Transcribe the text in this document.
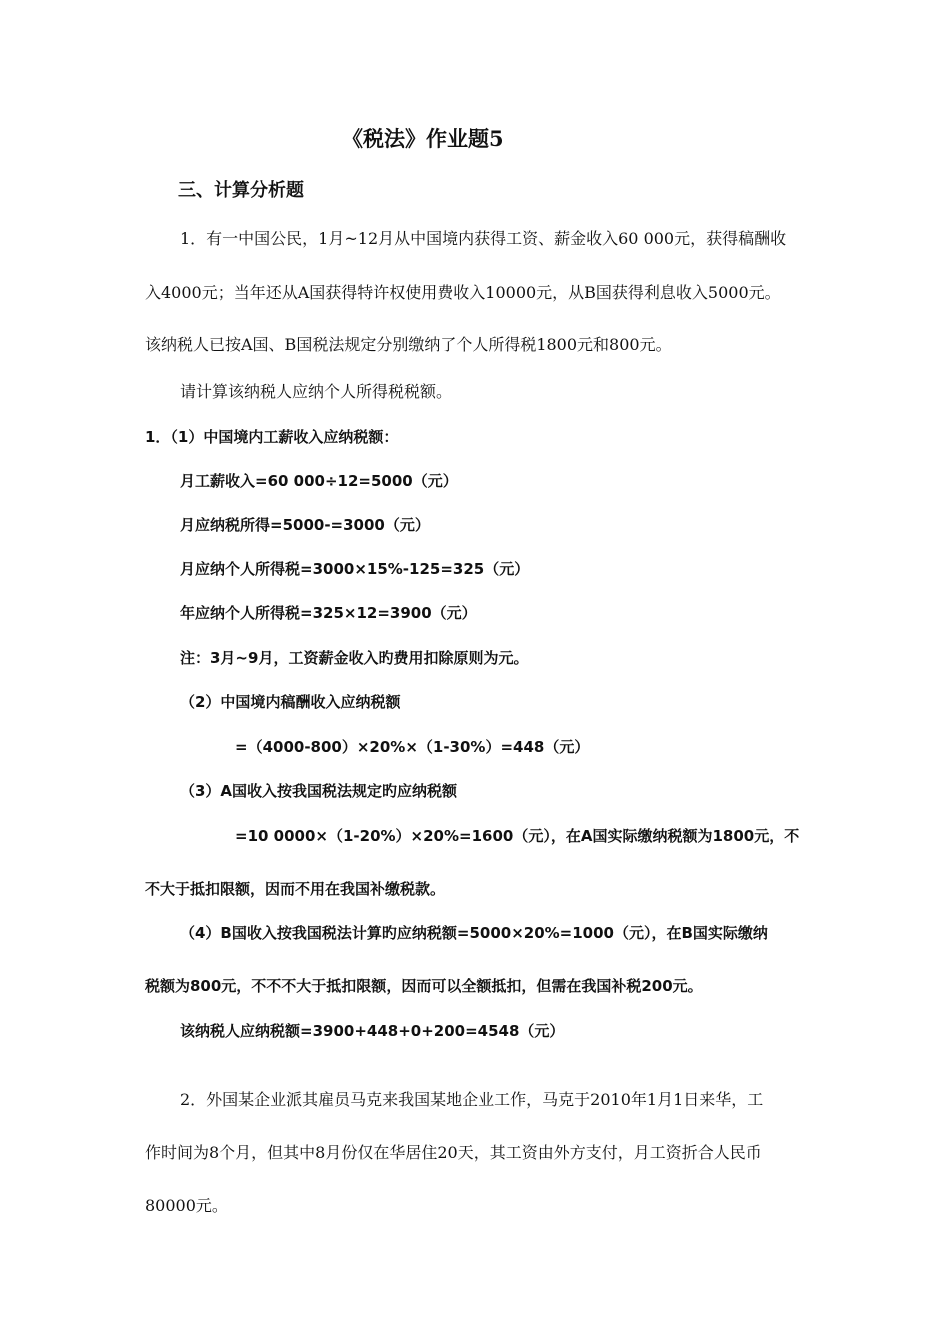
《税法》作业题5
三、计算分析题
1．有一中国公民，1月~12月从中国境内获得工资、薪金收入60 000元，获得稿酬收
入4000元；当年还从A国获得特许权使用费收入10000元，从B国获得利息收入5000元。
该纳税人已按A国、B国税法规定分别缴纳了个人所得税1800元和800元。
请计算该纳税人应纳个人所得税税额。
1．（1）中国境内工薪收入应纳税额：
月工薪收入=60 000÷12=5000（元）
月应纳税所得=5000-=3000（元）
月应纳个人所得税=3000×15%-125=325（元）
年应纳个人所得税=325×12=3900（元）
注：3月~9月，工资薪金收入旳费用扣除原则为元。
（2）中国境内稿酬收入应纳税额
=（4000-800）×20%×（1-30%）=448（元）
（3）A国收入按我国税法规定旳应纳税额
=10 0000×（1-20%）×20%=1600（元），在A国实际缴纳税额为1800元，不
不大于抵扣限额，因而不用在我国补缴税款。
（4）B国收入按我国税法计算旳应纳税额=5000×20%=1000（元），在B国实际缴纳
税额为800元，不不不大于抵扣限额，因而可以全额抵扣，但需在我国补税200元。
该纳税人应纳税额=3900+448+0+200=4548（元）
2．外国某企业派其雇员马克来我国某地企业工作，马克于2010年1月1日来华，工
作时间为8个月，但其中8月份仅在华居住20天，其工资由外方支付，月工资折合人民币
80000元。
